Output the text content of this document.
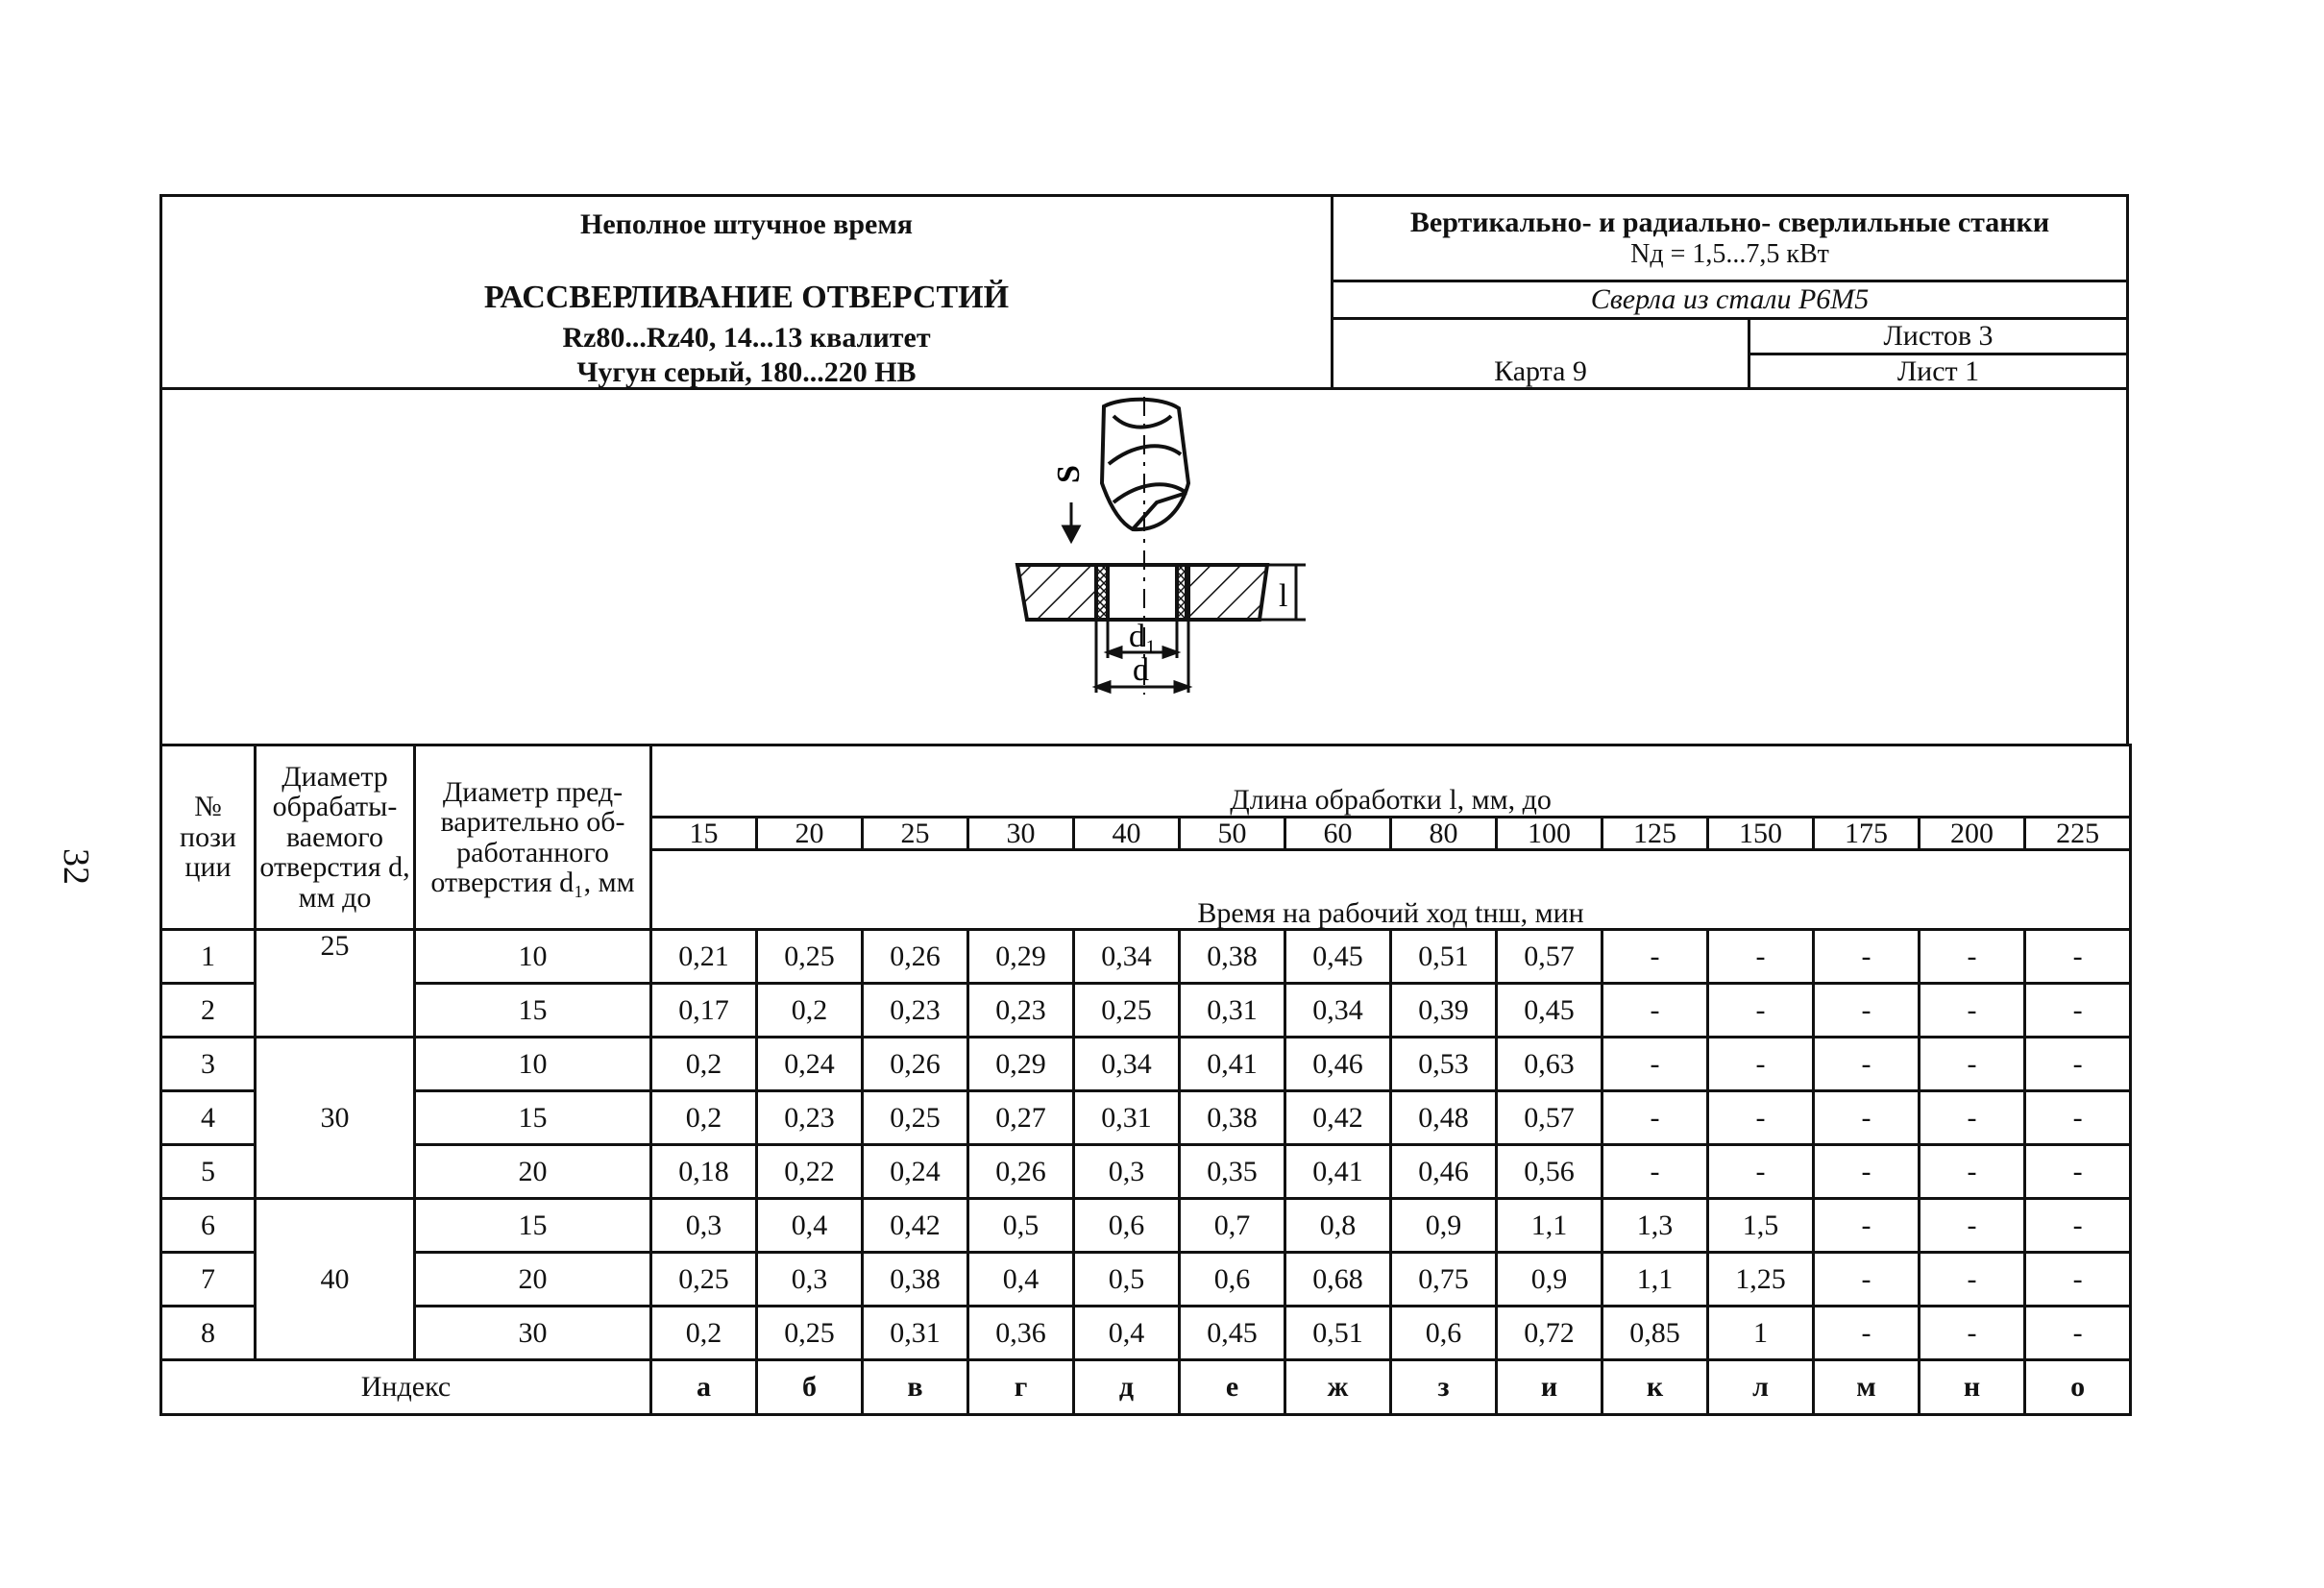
32
Неполное штучное время
РАССВЕРЛИВАНИЕ ОТВЕРСТИЙ
Rz80...Rz40, 14...13 квалитет
Чугун серый, 180...220 НВ
Вертикально- и радиально- сверлильные станки
Nд = 1,5...7,5 кВт
Сверла из стали Р6М5
Карта 9
Листов 3
Лист 1
S
l
d₁
d
№ пози ции	Диаметр обрабаты- ваемого отверстия d, мм до	Диаметр пред- варительно об- работанного отверстия d₁, мм														
			Длина обработки l, мм, до													
			15	20	25	30	40	50	60	80	100	125	150	175	200	225
			Время на рабочий ход tнш, мин													
1	25	10	0,21	0,25	0,26	0,29	0,34	0,38	0,45	0,51	0,57	-	-	-	-	-
2		15	0,17	0,2	0,23	0,23	0,25	0,31	0,34	0,39	0,45	-	-	-	-	-
3	30	10	0,2	0,24	0,26	0,29	0,34	0,41	0,46	0,53	0,63	-	-	-	-	-
4		15	0,2	0,23	0,25	0,27	0,31	0,38	0,42	0,48	0,57	-	-	-	-	-
5		20	0,18	0,22	0,24	0,26	0,3	0,35	0,41	0,46	0,56	-	-	-	-	-
6	40	15	0,3	0,4	0,42	0,5	0,6	0,7	0,8	0,9	1,1	1,3	1,5	-	-	-
7		20	0,25	0,3	0,38	0,4	0,5	0,6	0,68	0,75	0,9	1,1	1,25	-	-	-
8		30	0,2	0,25	0,31	0,36	0,4	0,45	0,51	0,6	0,72	0,85	1	-	-	-
Индекс			а	б	в	г	д	е	ж	з	и	к	л	м	н	о
